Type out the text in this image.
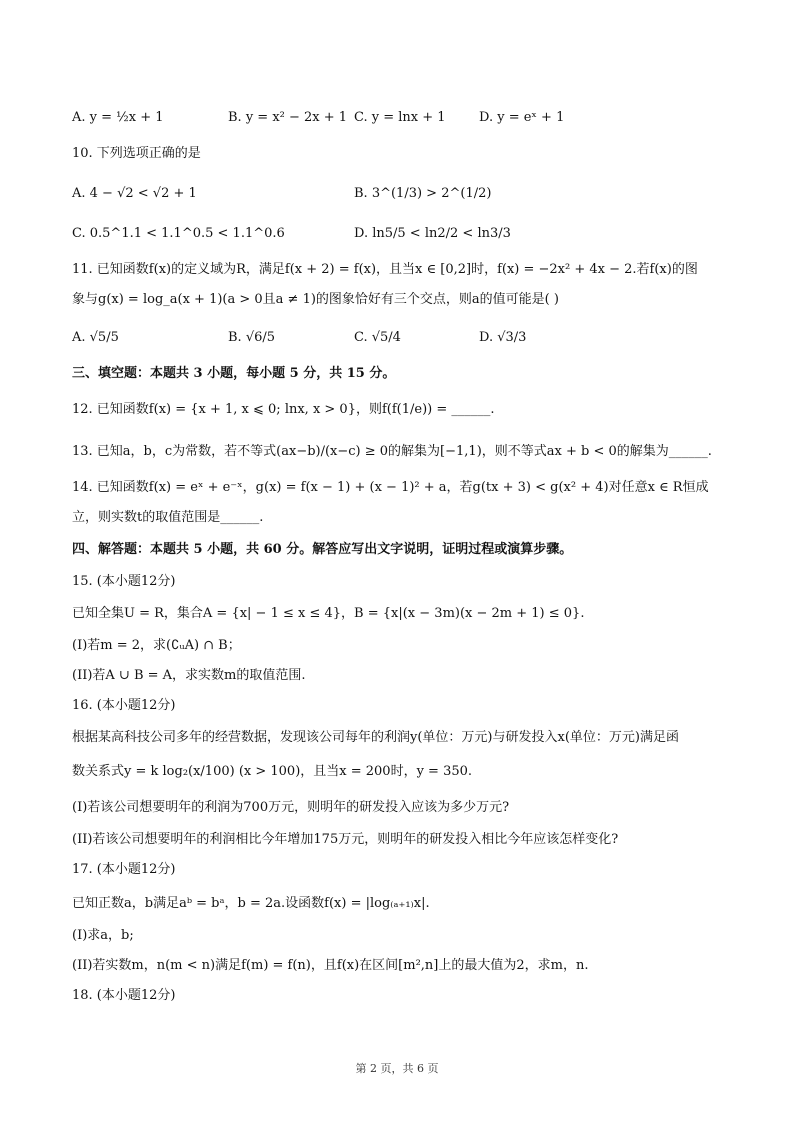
A. y = ½x + 1	B. y = x² − 2x + 1 C. y = lnx + 1	D. y = eˣ + 1
10. 下列选项正确的是
A. 4 − √2 < √2 + 1	B. 3^(1/3) > 2^(1/2)
C. 0.5^1.1 < 1.1^0.5 < 1.1^0.6	D. ln5/5 < ln2/2 < ln3/3
11. 已知函数f(x)的定义域为R，满足f(x + 2) = f(x)，且当x ∈ [0,2]时，f(x) = −2x² + 4x − 2.若f(x)的图
象与g(x) = log_a(x + 1)(a > 0且a ≠ 1)的图象恰好有三个交点，则a的值可能是( )
A. √5/5	B. √6/5	C. √5/4	D. √3/3
三、填空题：本题共 3 小题，每小题 5 分，共 15 分。
12. 已知函数f(x) = {x + 1, x ⩽ 0; lnx, x > 0}，则f(f(1/e)) = ______.
13. 已知a，b，c为常数，若不等式(ax−b)/(x−c) ≥ 0的解集为[−1,1)，则不等式ax + b < 0的解集为______.
14. 已知函数f(x) = eˣ + e⁻ˣ，g(x) = f(x − 1) + (x − 1)² + a，若g(tx + 3) < g(x² + 4)对任意x ∈ R恒成
立，则实数t的取值范围是______.
四、解答题：本题共 5 小题，共 60 分。解答应写出文字说明，证明过程或演算步骤。
15. (本小题12分)
已知全集U = R，集合A = {x| − 1 ≤ x ≤ 4}，B = {x|(x − 3m)(x − 2m + 1) ≤ 0}.
(I)若m = 2，求(∁ᵤA) ∩ B；
(II)若A ∪ B = A，求实数m的取值范围.
16. (本小题12分)
根据某高科技公司多年的经营数据，发现该公司每年的利润y(单位：万元)与研发投入x(单位：万元)满足函
数关系式y = k log₂(x/100) (x > 100)，且当x = 200时，y = 350.
(I)若该公司想要明年的利润为700万元，则明年的研发投入应该为多少万元?
(II)若该公司想要明年的利润相比今年增加175万元，则明年的研发投入相比今年应该怎样变化?
17. (本小题12分)
已知正数a，b满足aᵇ = bᵃ，b = 2a.设函数f(x) = |log₍ₐ₊₁₎x|.
(I)求a，b;
(II)若实数m，n(m < n)满足f(m) = f(n)，且f(x)在区间[m²,n]上的最大值为2，求m，n.
18. (本小题12分)
第 2 页，共 6 页
